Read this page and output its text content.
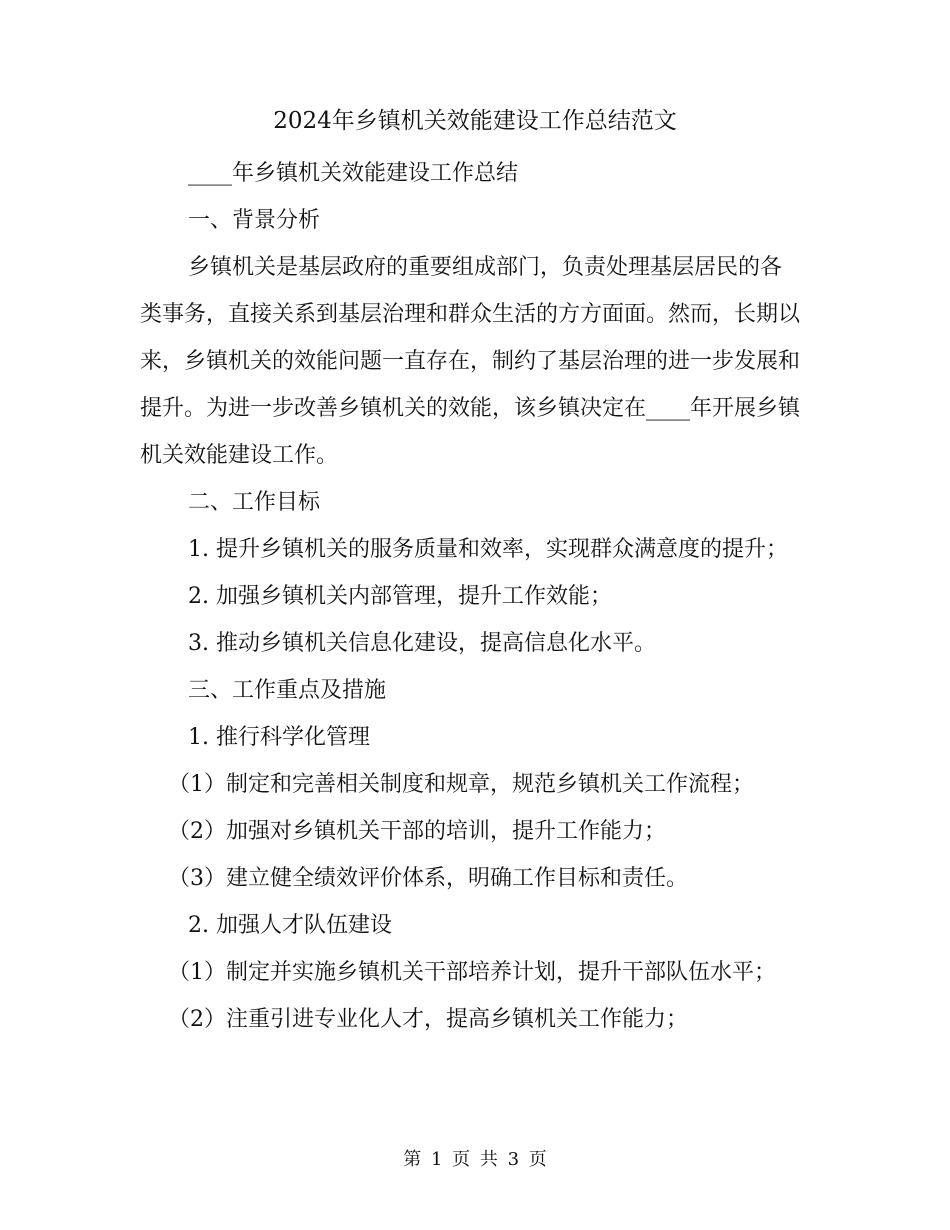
2024年乡镇机关效能建设工作总结范文

____年乡镇机关效能建设工作总结

一、背景分析

乡镇机关是基层政府的重要组成部门，负责处理基层居民的各类事务，直接关系到基层治理和群众生活的方方面面。然而，长期以来，乡镇机关的效能问题一直存在，制约了基层治理的进一步发展和提升。为进一步改善乡镇机关的效能，该乡镇决定在____年开展乡镇机关效能建设工作。

二、工作目标

1. 提升乡镇机关的服务质量和效率，实现群众满意度的提升；

2. 加强乡镇机关内部管理，提升工作效能；

3. 推动乡镇机关信息化建设，提高信息化水平。

三、工作重点及措施

1. 推行科学化管理

（1）制定和完善相关制度和规章，规范乡镇机关工作流程；

（2）加强对乡镇机关干部的培训，提升工作能力；

（3）建立健全绩效评价体系，明确工作目标和责任。

2. 加强人才队伍建设

（1）制定并实施乡镇机关干部培养计划，提升干部队伍水平；

（2）注重引进专业化人才，提高乡镇机关工作能力；

第 1 页 共 3 页
